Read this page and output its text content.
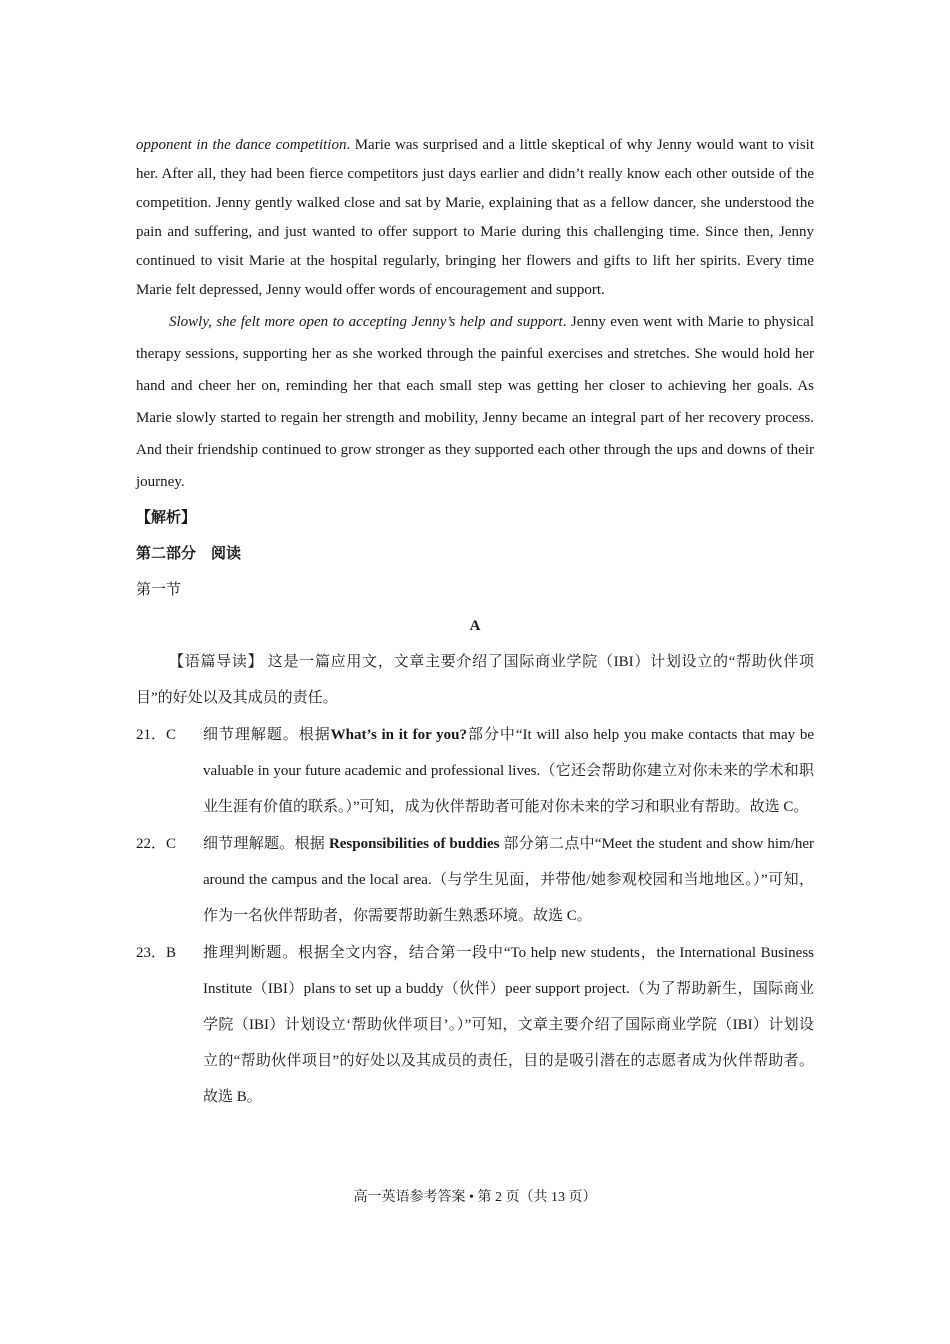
opponent in the dance competition. Marie was surprised and a little skeptical of why Jenny would want to visit her. After all, they had been fierce competitors just days earlier and didn’t really know each other outside of the competition. Jenny gently walked close and sat by Marie, explaining that as a fellow dancer, she understood the pain and suffering, and just wanted to offer support to Marie during this challenging time. Since then, Jenny continued to visit Marie at the hospital regularly, bringing her flowers and gifts to lift her spirits. Every time Marie felt depressed, Jenny would offer words of encouragement and support.

Slowly, she felt more open to accepting Jenny’s help and support. Jenny even went with Marie to physical therapy sessions, supporting her as she worked through the painful exercises and stretches. She would hold her hand and cheer her on, reminding her that each small step was getting her closer to achieving her goals. As Marie slowly started to regain her strength and mobility, Jenny became an integral part of her recovery process. And their friendship continued to grow stronger as they supported each other through the ups and downs of their journey.

【解析】

第二部分　阅读

第一节

A

【语篇导读】 这是一篇应用文，文章主要介绍了国际商业学院（IBI）计划设立的“帮助伙伴项目”的好处以及其成员的责任。

21．C 细节理解题。根据What’s in it for you?部分中“It will also help you make contacts that may be valuable in your future academic and professional lives.（它还会帮助你建立对你未来的学术和职业生涯有价值的联系。）”可知，成为伙伴帮助者可能对你未来的学习和职业有帮助。故选 C。
22．C 细节理解题。根据 Responsibilities of buddies 部分第二点中“Meet the student and show him/her around the campus and the local area.（与学生见面，并带他/她参观校园和当地地区。）”可知，作为一名伙伴帮助者，你需要帮助新生熟悉环境。故选 C。
23．B 推理判断题。根据全文内容，结合第一段中“To help new students，the International Business Institute（IBI）plans to set up a buddy（伙伴）peer support project.（为了帮助新生，国际商业学院（IBI）计划设立‘帮助伙伴项目’。）”可知，文章主要介绍了国际商业学院（IBI）计划设立的“帮助伙伴项目”的好处以及其成员的责任，目的是吸引潜在的志愿者成为伙伴帮助者。故选 B。
高一英语参考答案 • 第 2 页（共 13 页）
